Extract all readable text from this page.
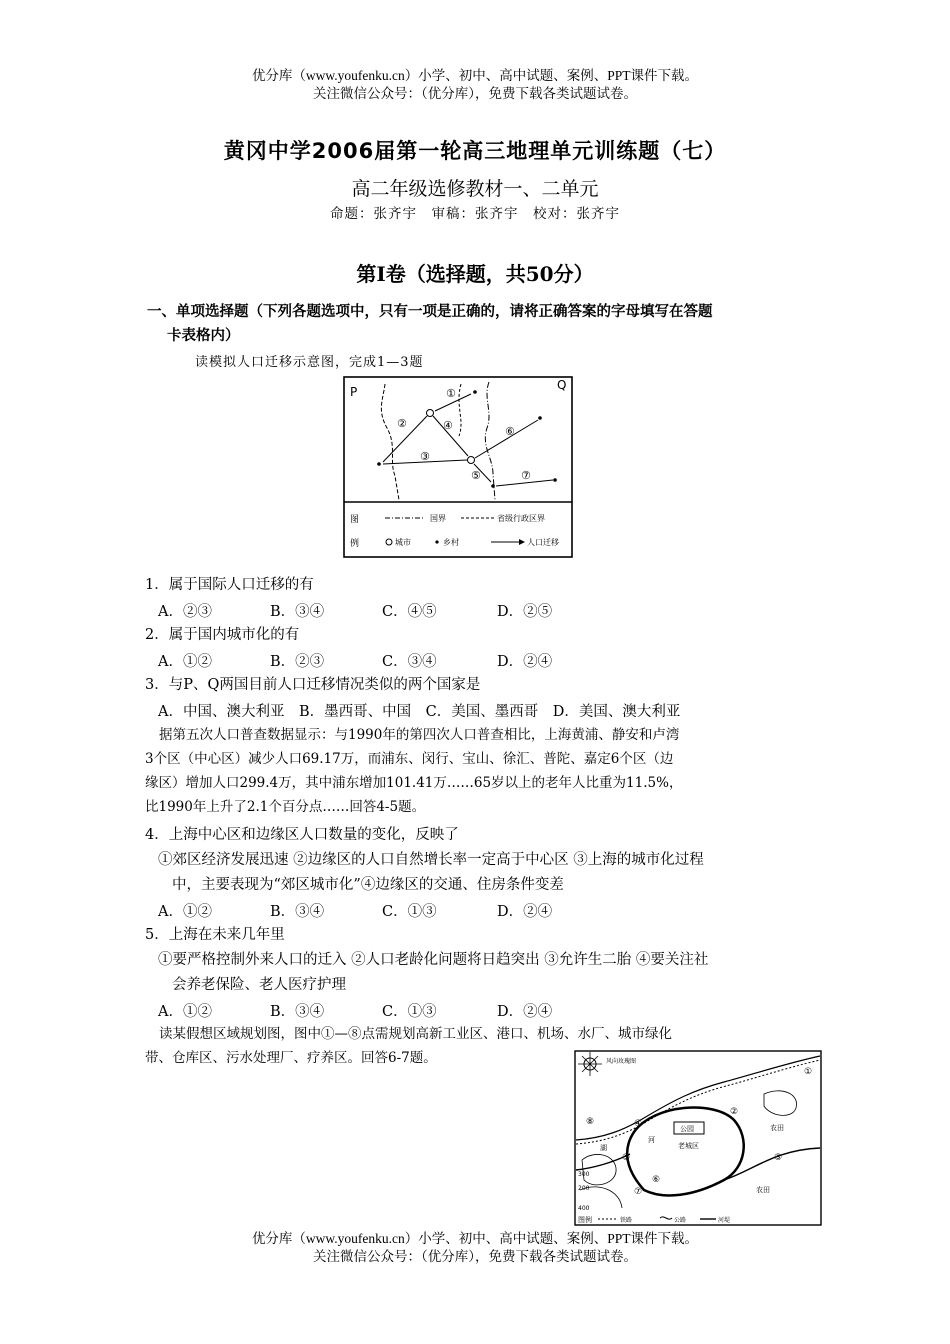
优分库（www.youfenku.cn）小学、初中、高中试题、案例、PPT课件下载。
关注微信公众号：（优分库），免费下载各类试题试卷。
黄冈中学2006届第一轮高三地理单元训练题（七）
高二年级选修教材一、二单元
命题：张齐宇　审稿：张齐宇　校对：张齐宇
第I卷（选择题，共50分）
一、单项选择题（下列各题选项中，只有一项是正确的，请将正确答案的字母填写在答题
卡表格内）
读模拟人口迁移示意图，完成1—3题
P	Q
①
②
③
④
⑤
⑥
⑦
图
例
国界	省级行政区界
城市	乡村	人口迁移
1．属于国际人口迁移的有
A．②③	B．③④	C．④⑤	D．②⑤
2．属于国内城市化的有
A．①②	B．②③	C．③④	D．②④
3．与P、Q两国目前人口迁移情况类似的两个国家是
A．中国、澳大利亚　B．墨西哥、中国　C．美国、墨西哥　D．美国、澳大利亚
据第五次人口普查数据显示：与1990年的第四次人口普查相比，上海黄浦、静安和卢湾
3个区（中心区）减少人口69.17万，而浦东、闵行、宝山、徐汇、普陀、嘉定6个区（边
缘区）增加人口299.4万，其中浦东增加101.41万……65岁以上的老年人比重为11.5%，
比1990年上升了2.1个百分点……回答4-5题。
4．上海中心区和边缘区人口数量的变化，反映了
①郊区经济发展迅速 ②边缘区的人口自然增长率一定高于中心区 ③上海的城市化过程
中，主要表现为“郊区城市化”④边缘区的交通、住房条件变差
A．①②	B．③④	C．①③	D．②④
5．上海在未来几年里
①要严格控制外来人口的迁入 ②人口老龄化问题将日趋突出 ③允许生二胎 ④要关注社
会养老保险、老人医疗护理
A．①②	B．③④	C．①③	D．②④
读某假想区域规划图，图中①—⑧点需规划高新工业区、港口、机场、水厂、城市绿化
带、仓库区、污水处理厂、疗养区。回答6-7题。	风向玫瑰图
公园
老城区
河
农田
农田
湖
①
②
③
④
⑤
⑥
⑦
⑧
300
200
400
图例	铁路	公路	河堤
优分库（www.youfenku.cn）小学、初中、高中试题、案例、PPT课件下载。
关注微信公众号：（优分库），免费下载各类试题试卷。
